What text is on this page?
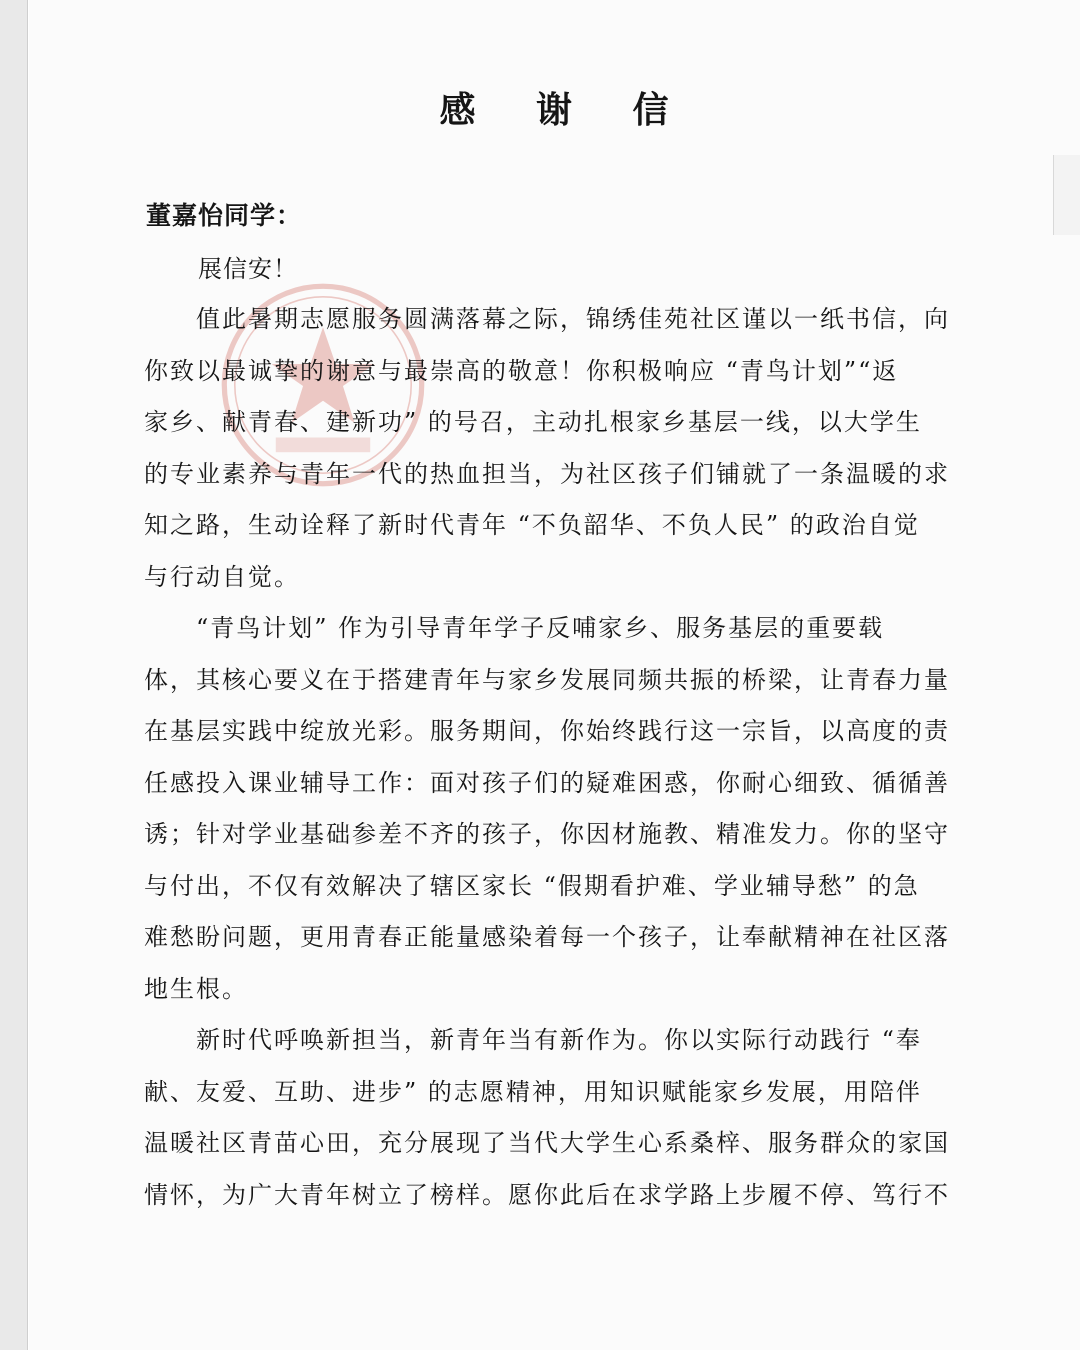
感 谢 信
董嘉怡同学：
展信安！
值此暑期志愿服务圆满落幕之际，锦绣佳苑社区谨以一纸书信，向
你致以最诚挚的谢意与最崇高的敬意！你积极响应 “青鸟计划”“返
家乡、献青春、建新功” 的号召，主动扎根家乡基层一线，以大学生
的专业素养与青年一代的热血担当，为社区孩子们铺就了一条温暖的求
知之路，生动诠释了新时代青年 “不负韶华、不负人民” 的政治自觉
与行动自觉。
“青鸟计划” 作为引导青年学子反哺家乡、服务基层的重要载
体，其核心要义在于搭建青年与家乡发展同频共振的桥梁，让青春力量
在基层实践中绽放光彩。服务期间，你始终践行这一宗旨，以高度的责
任感投入课业辅导工作：面对孩子们的疑难困惑，你耐心细致、循循善
诱；针对学业基础参差不齐的孩子，你因材施教、精准发力。你的坚守
与付出，不仅有效解决了辖区家长 “假期看护难、学业辅导愁” 的急
难愁盼问题，更用青春正能量感染着每一个孩子，让奉献精神在社区落
地生根。
新时代呼唤新担当，新青年当有新作为。你以实际行动践行 “奉
献、友爱、互助、进步” 的志愿精神，用知识赋能家乡发展，用陪伴
温暖社区青苗心田，充分展现了当代大学生心系桑梓、服务群众的家国
情怀，为广大青年树立了榜样。愿你此后在求学路上步履不停、笃行不
